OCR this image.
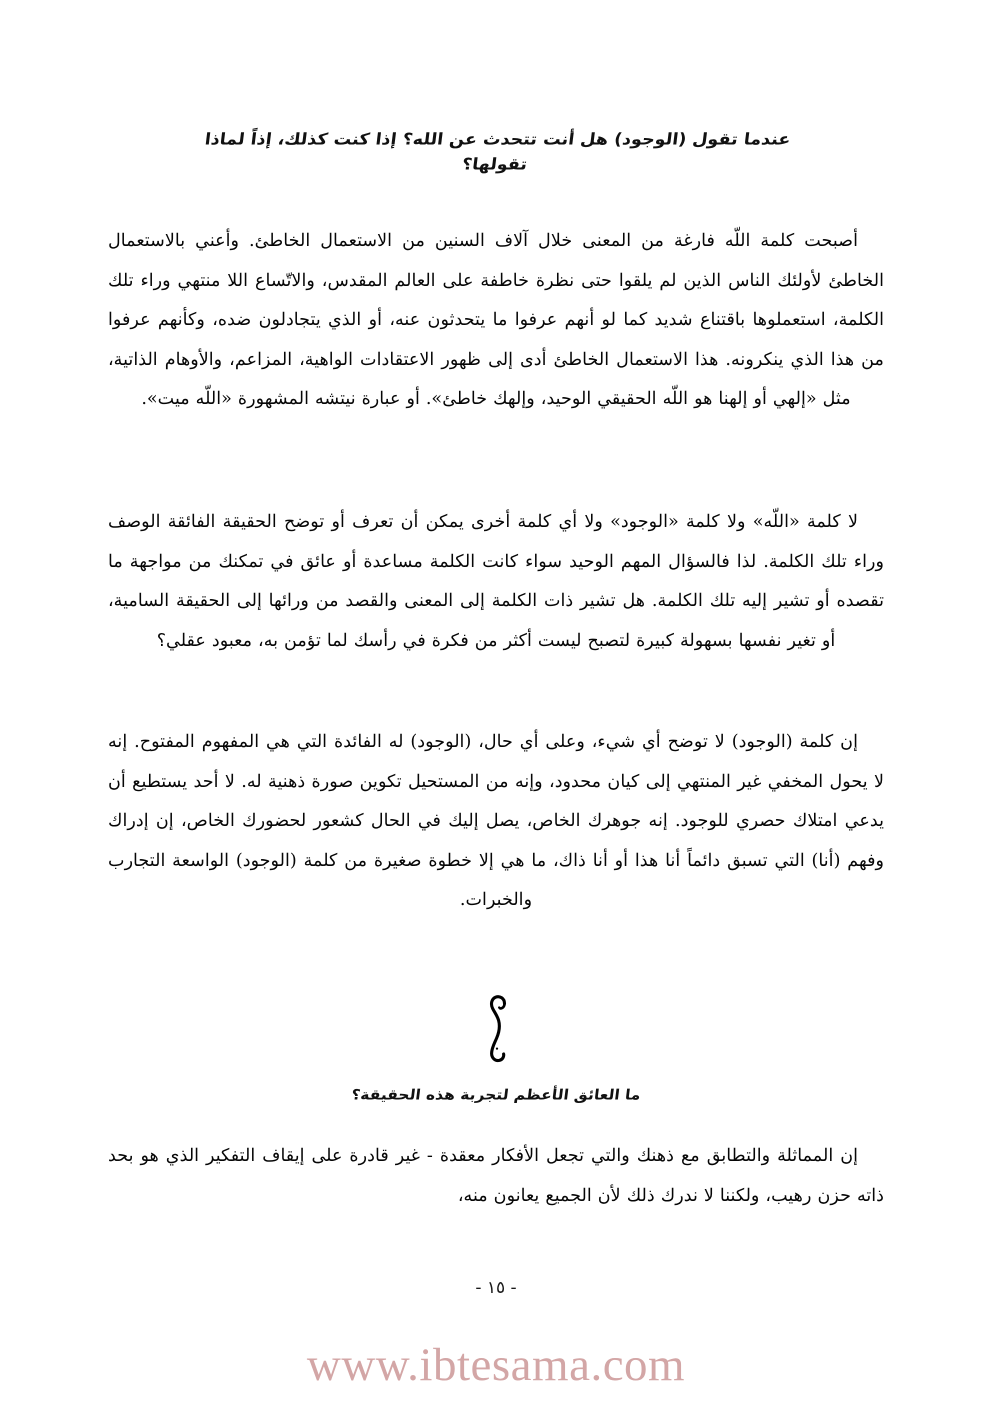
عندما تقول (الوجود) هل أنت تتحدث عن الله؟ إذا كنت كذلك، إذاً لماذا تقولها؟

أصبحت كلمة اللّه فارغة من المعنى خلال آلاف السنين من الاستعمال الخاطئ. وأعني بالاستعمال الخاطئ لأولئك الناس الذين لم يلقوا حتى نظرة خاطفة على العالم المقدس، والاتّساع اللا منتهي وراء تلك الكلمة، استعملوها باقتناع شديد كما لو أنهم عرفوا ما يتحدثون عنه، أو الذي يتجادلون ضده، وكأنهم عرفوا من هذا الذي ينكرونه. هذا الاستعمال الخاطئ أدى إلى ظهور الاعتقادات الواهية، المزاعم، والأوهام الذاتية، مثل «إلهي أو إلهنا هو اللّه الحقيقي الوحيد، وإلهك خاطئ». أو عبارة نيتشه المشهورة «اللّه ميت».

لا كلمة «اللّه» ولا كلمة «الوجود» ولا أي كلمة أخرى يمكن أن تعرف أو توضح الحقيقة الفائقة الوصف وراء تلك الكلمة. لذا فالسؤال المهم الوحيد سواء كانت الكلمة مساعدة أو عائق في تمكنك من مواجهة ما تقصده أو تشير إليه تلك الكلمة. هل تشير ذات الكلمة إلى المعنى والقصد من ورائها إلى الحقيقة السامية، أو تغير نفسها بسهولة كبيرة لتصبح ليست أكثر من فكرة في رأسك لما تؤمن به، معبود عقلي؟

إن كلمة (الوجود) لا توضح أي شيء، وعلى أي حال، (الوجود) له الفائدة التي هي المفهوم المفتوح. إنه لا يحول المخفي غير المنتهي إلى كيان محدود، وإنه من المستحيل تكوين صورة ذهنية له. لا أحد يستطيع أن يدعي امتلاك حصري للوجود. إنه جوهرك الخاص، يصل إليك في الحال كشعور لحضورك الخاص، إن إدراك وفهم (أنا) التي تسبق دائماً أنا هذا أو أنا ذاك، ما هي إلا خطوة صغيرة من كلمة (الوجود) الواسعة التجارب والخبرات.

ما العائق الأعظم لتجربة هذه الحقيقة؟

إن المماثلة والتطابق مع ذهنك والتي تجعل الأفكار معقدة - غير قادرة على إيقاف التفكير الذي هو بحد ذاته حزن رهيب، ولكننا لا ندرك ذلك لأن الجميع يعانون منه،

- ١٥ -
www.ibtesama.com
